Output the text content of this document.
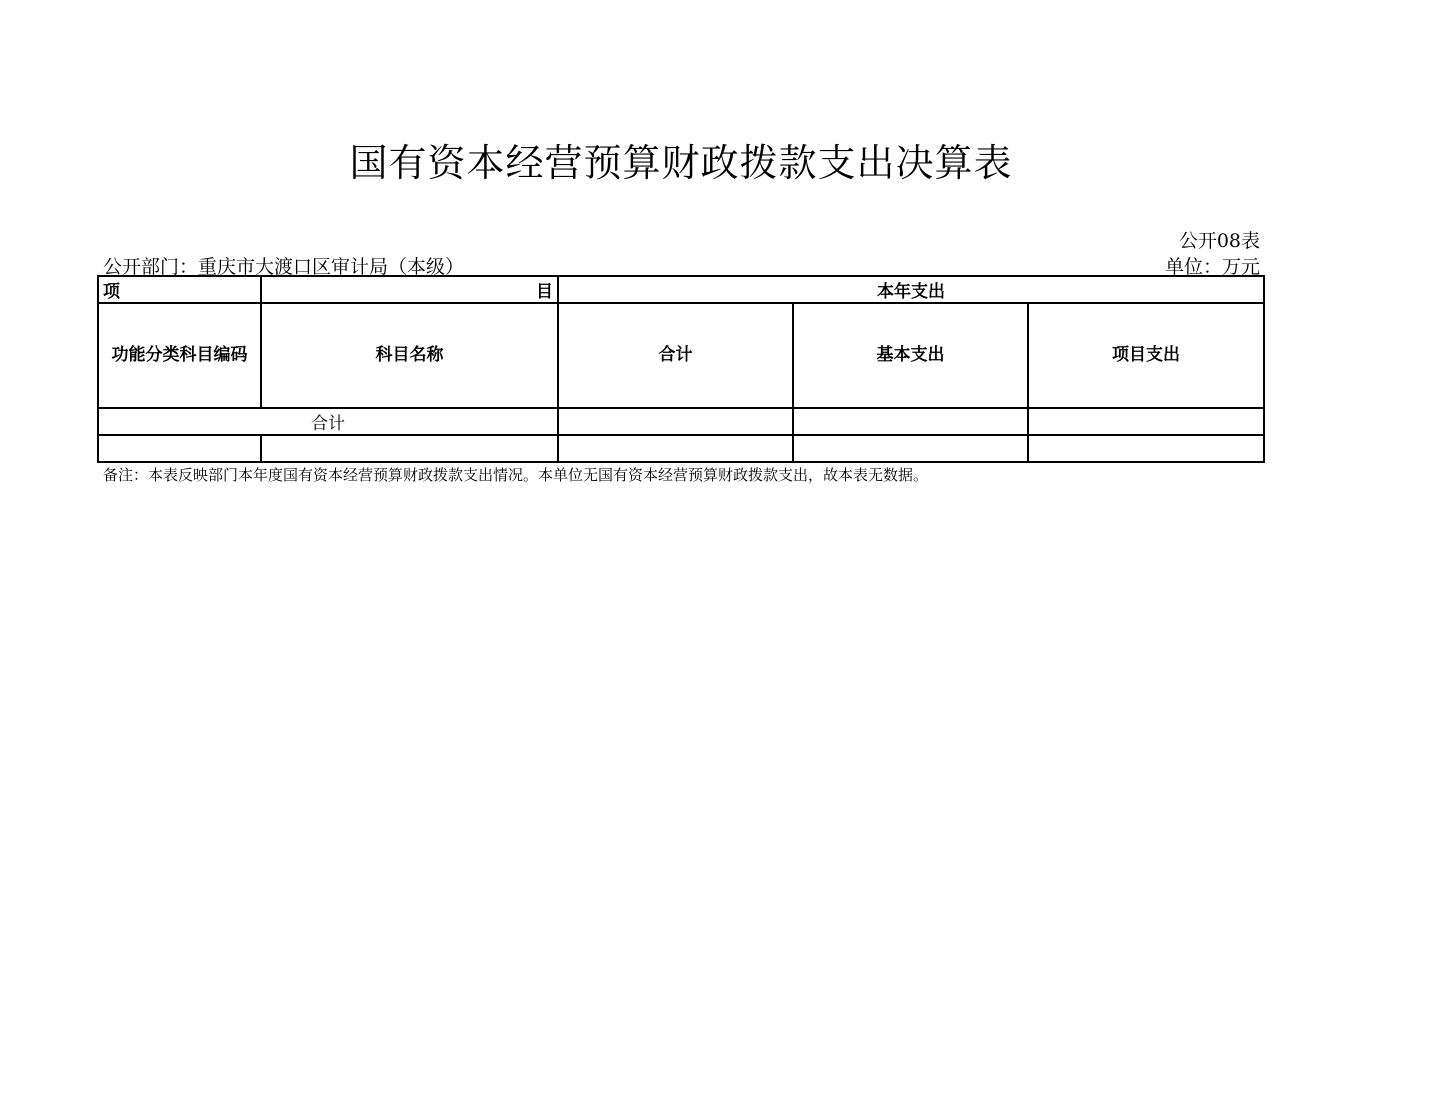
国有资本经营预算财政拨款支出决算表
公开08表
公开部门：重庆市大渡口区审计局（本级）	单位：万元
项	目	本年支出		
功能分类科目编码	科目名称	合计	基本支出	项目支出
合计				

备注：本表反映部门本年度国有资本经营预算财政拨款支出情况。本单位无国有资本经营预算财政拨款支出，故本表无数据。
